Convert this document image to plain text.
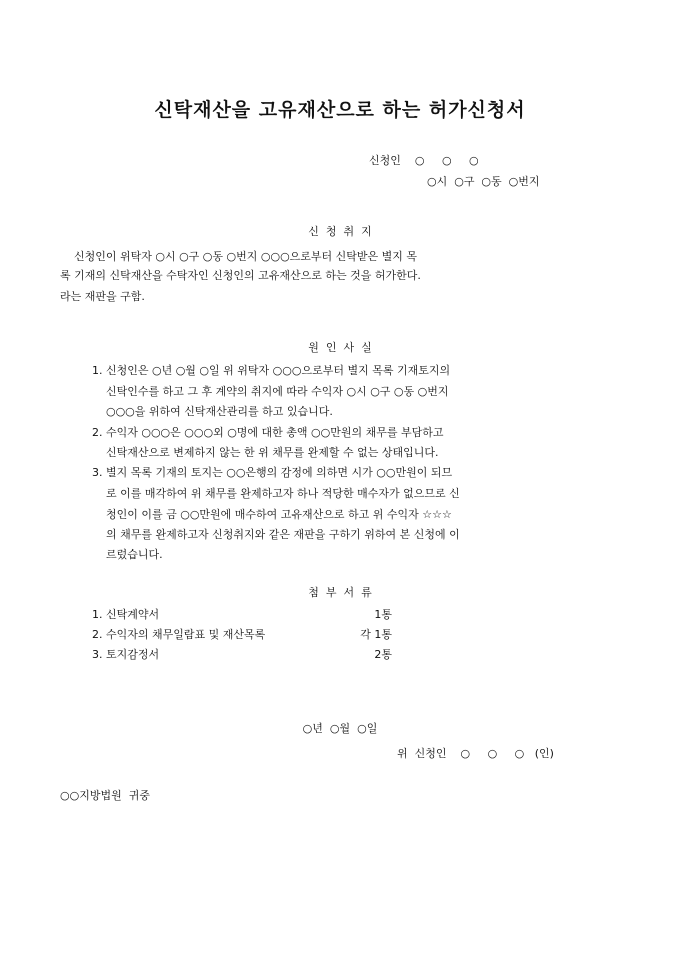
신탁재산을 고유재산으로 하는 허가신청서
신청인    ○     ○     ○
○시  ○구  ○동  ○번지
신  청  취  지
신청인이 위탁자 ○시 ○구 ○동 ○번지 ○○○으로부터 신탁받은 별지 목
록 기재의 신탁재산을 수탁자인 신청인의 고유재산으로 하는 것을 허가한다.
라는 재판을 구함.
원  인  사  실
1. 신청인은 ○년 ○월 ○일 위 위탁자 ○○○으로부터 별지 목록 기재토지의
신탁인수를 하고 그 후 계약의 취지에 따라 수익자 ○시 ○구 ○동 ○번지
○○○을 위하여 신탁재산관리를 하고 있습니다.
2. 수익자 ○○○은 ○○○외 ○명에 대한 총액 ○○만원의 채무를 부담하고
신탁재산으로 변제하지 않는 한 위 채무를 완제할 수 없는 상태입니다.
3. 별지 목록 기재의 토지는 ○○은행의 감정에 의하면 시가 ○○만원이 되므
로 이를 매각하여 위 채무를 완제하고자 하나 적당한 매수자가 없으므로 신
청인이 이를 금 ○○만원에 매수하여 고유재산으로 하고 위 수익자 ☆☆☆
의 채무를 완제하고자 신청취지와 같은 재판을 구하기 위하여 본 신청에 이
르렀습니다.
첨  부  서  류
1. 신탁계약서	1통
2. 수익자의 채무일람표 및 재산목록	각 1통
3. 토지감정서	2통
○년  ○월  ○일
위  신청인    ○     ○     ○   (인)
○○지방법원  귀중
